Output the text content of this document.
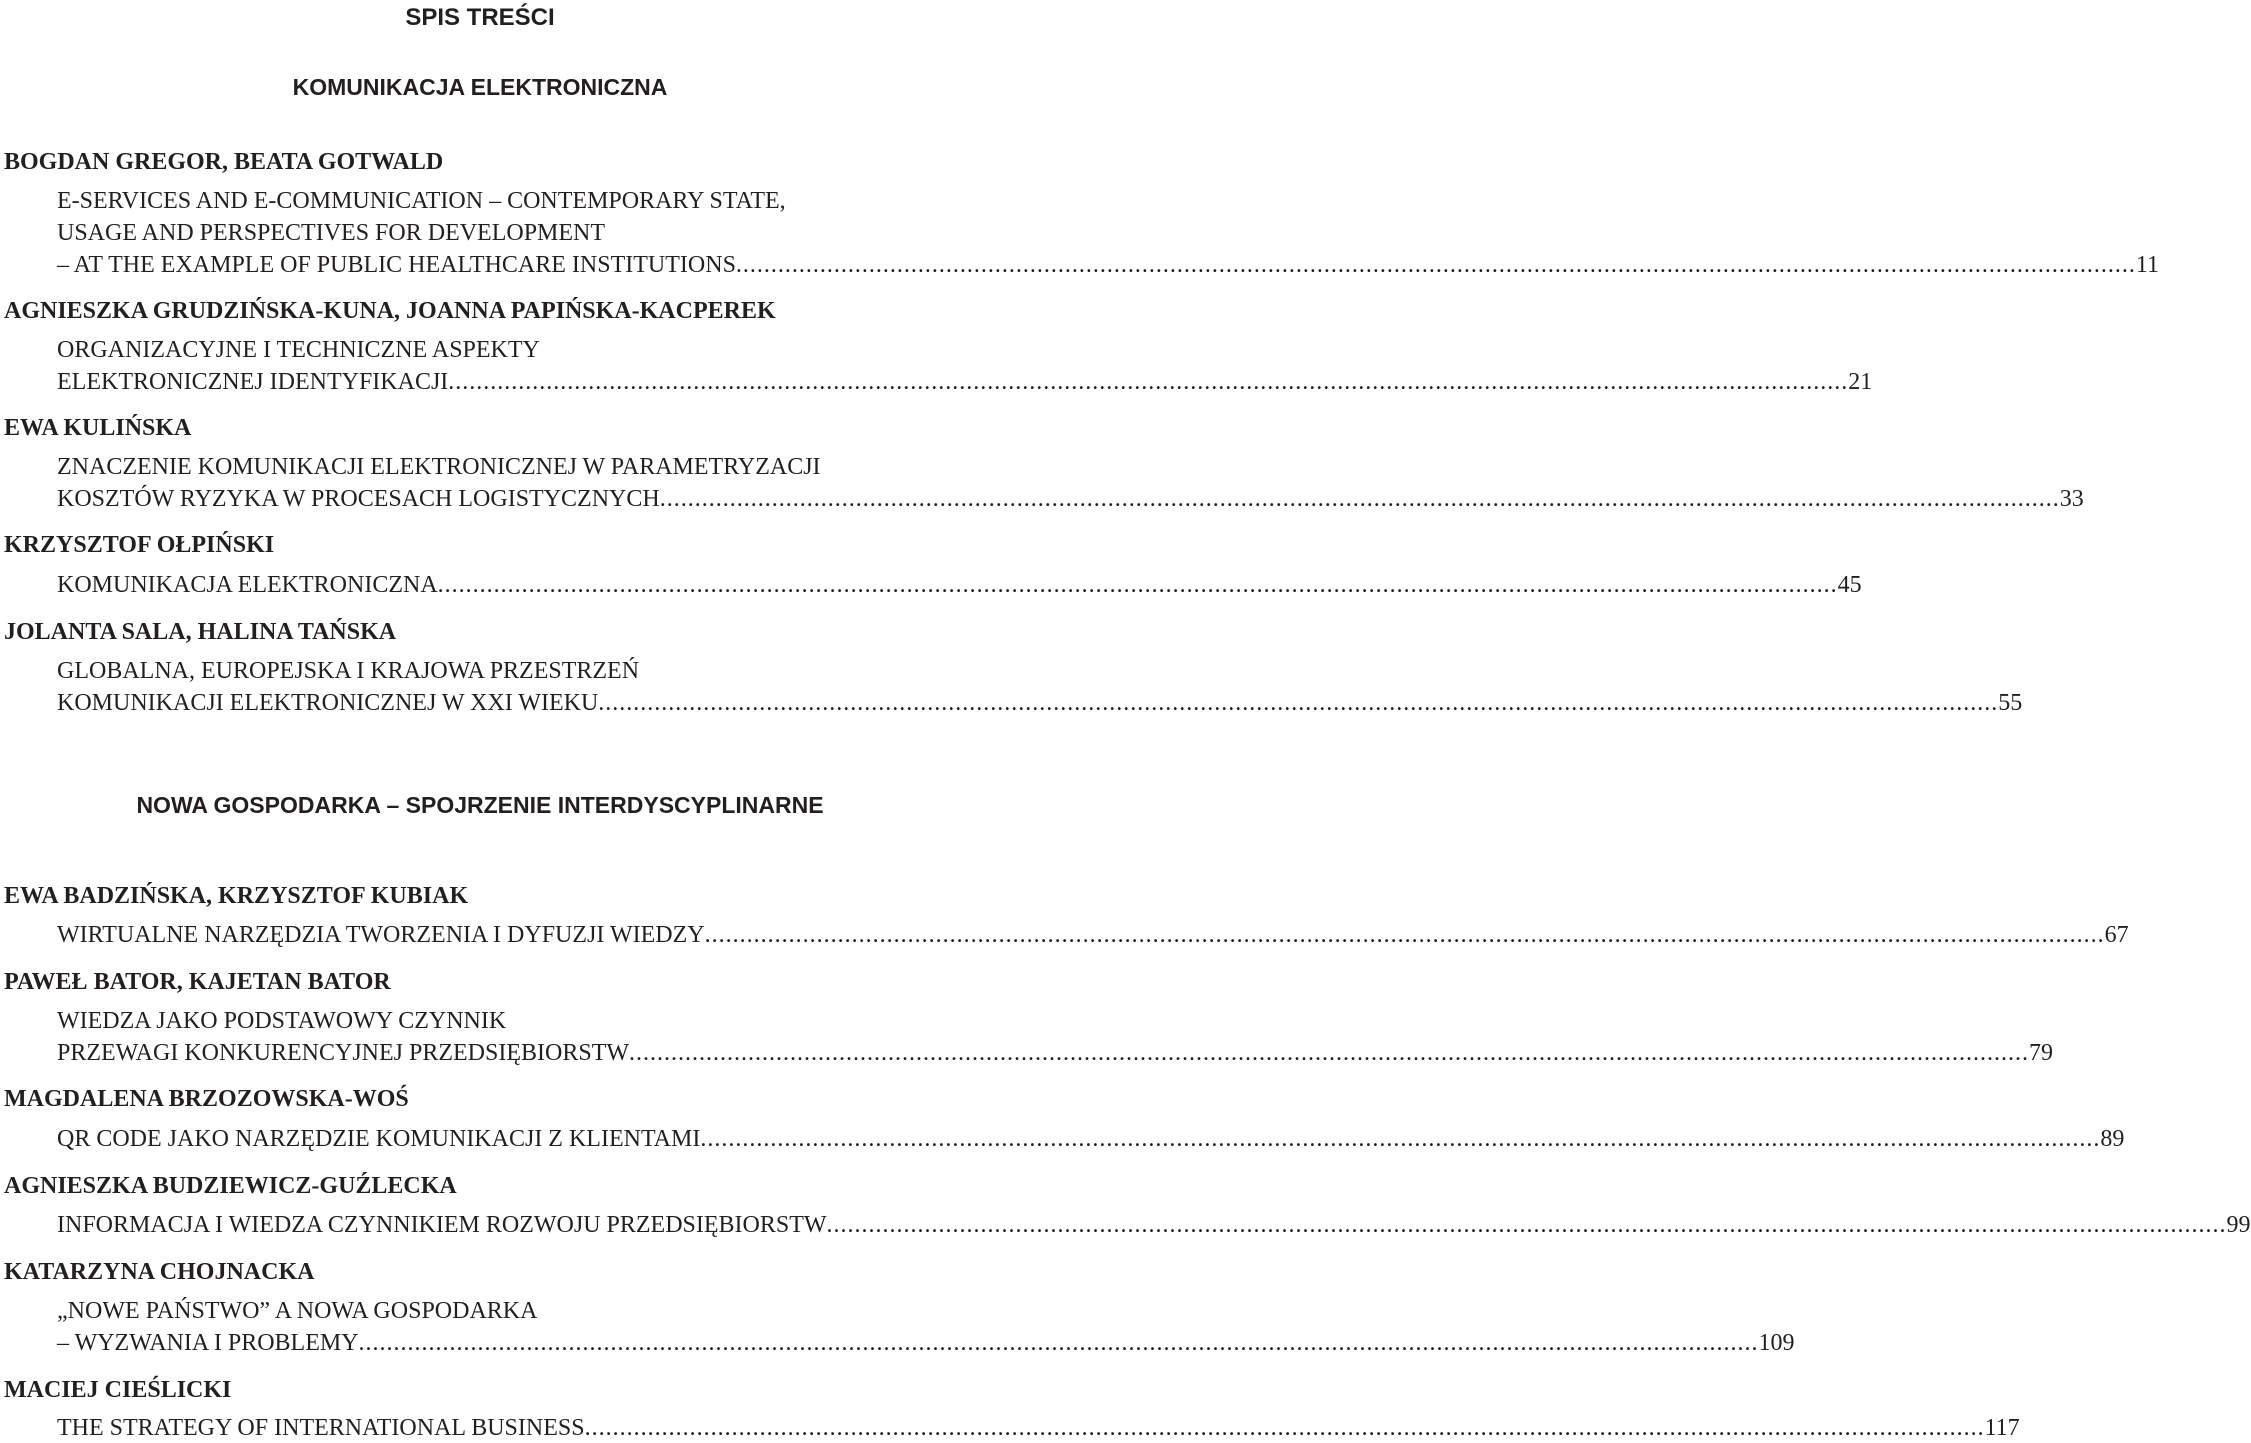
SPIS TREŚCI
KOMUNIKACJA ELEKTRONICZNA
BOGDAN GREGOR, BEATA GOTWALD
E-SERVICES AND E-COMMUNICATION – CONTEMPORARY STATE,
USAGE AND PERSPECTIVES FOR DEVELOPMENT
– AT THE EXAMPLE OF PUBLIC HEALTHCARE INSTITUTIONS ........................................................................................................................................................................................................ 11
AGNIESZKA GRUDZIŃSKA-KUNA, JOANNA PAPIŃSKA-KACPEREK
ORGANIZACYJNE I TECHNICZNE ASPEKTY
ELEKTRONICZNEJ IDENTYFIKACJI ........................................................................................................................................................................................................ 21
EWA KULIŃSKA
ZNACZENIE KOMUNIKACJI ELEKTRONICZNEJ W PARAMETRYZACJI
KOSZTÓW RYZYKA W PROCESACH LOGISTYCZNYCH ........................................................................................................................................................................................................ 33
KRZYSZTOF OŁPIŃSKI
KOMUNIKACJA ELEKTRONICZNA ........................................................................................................................................................................................................ 45
JOLANTA SALA, HALINA TAŃSKA
GLOBALNA, EUROPEJSKA I KRAJOWA PRZESTRZEŃ
KOMUNIKACJI ELEKTRONICZNEJ W XXI WIEKU ........................................................................................................................................................................................................ 55
NOWA GOSPODARKA – SPOJRZENIE INTERDYSCYPLINARNE
EWA BADZIŃSKA, KRZYSZTOF KUBIAK
WIRTUALNE NARZĘDZIA TWORZENIA I DYFUZJI WIEDZY ........................................................................................................................................................................................................ 67
PAWEŁ BATOR, KAJETAN BATOR
WIEDZA JAKO PODSTAWOWY CZYNNIK
PRZEWAGI KONKURENCYJNEJ PRZEDSIĘBIORSTW ........................................................................................................................................................................................................ 79
MAGDALENA BRZOZOWSKA-WOŚ
QR CODE JAKO NARZĘDZIE KOMUNIKACJI Z KLIENTAMI ........................................................................................................................................................................................................ 89
AGNIESZKA BUDZIEWICZ-GUŹLECKA
INFORMACJA I WIEDZA CZYNNIKIEM ROZWOJU PRZEDSIĘBIORSTW ........................................................................................................................................................................................................ 99
KATARZYNA CHOJNACKA
„NOWE PAŃSTWO” A NOWA GOSPODARKA
– WYZWANIA I PROBLEMY ........................................................................................................................................................................................................ 109
MACIEJ CIEŚLICKI
THE STRATEGY OF INTERNATIONAL BUSINESS ........................................................................................................................................................................................................ 117
